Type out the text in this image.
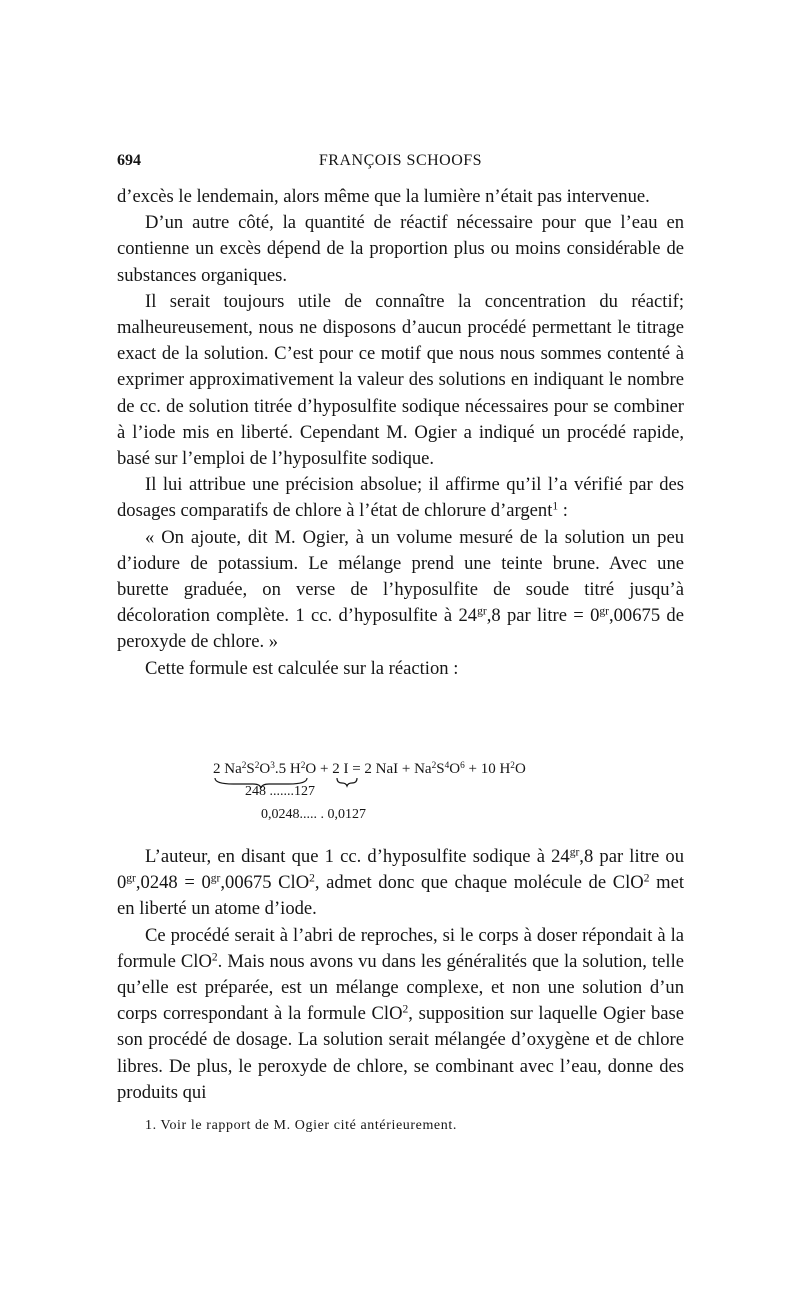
694	FRANÇOIS SCHOOFS

d’excès le lendemain, alors même que la lumière n’était pas intervenue.

D’un autre côté, la quantité de réactif nécessaire pour que l’eau en contienne un excès dépend de la proportion plus ou moins considérable de substances organiques.

Il serait toujours utile de connaître la concentration du réactif; malheureusement, nous ne disposons d’aucun procédé permettant le titrage exact de la solution. C’est pour ce motif que nous nous sommes contenté à exprimer approximativement la valeur des solutions en indiquant le nombre de cc. de solution titrée d’hyposulfite sodique nécessaires pour se combiner à l’iode mis en liberté. Cependant M. Ogier a indiqué un procédé rapide, basé sur l’emploi de l’hyposulfite sodique.

Il lui attribue une précision absolue; il affirme qu’il l’a vérifié par des dosages comparatifs de chlore à l’état de chlorure d’argent$^1$ :

« On ajoute, dit M. Ogier, à un volume mesuré de la solution un peu d’iodure de potassium. Le mélange prend une teinte brune. Avec une burette graduée, on verse de l’hyposulfite de soude titré jusqu’à décoloration complète. 1 cc. d’hyposulfite à $24^{gr},8$ par litre = $0^{gr},00675$ de peroxyde de chlore. »

Cette formule est calculée sur la réaction :

2 $Na^2S^2O^3.5$ $H^2O + 2$ I = 2 NaI + $Na^2S^4O^6 + 10$ $H^2O$
248 .......127
0,0248..... . 0,0127

L’auteur, en disant que 1 cc. d’hyposulfite sodique à $24^{gr},8$ par litre ou $0^{gr},0248 = 0^{gr},00675$ ClO$^2$, admet donc que chaque molécule de ClO$^2$ met en liberté un atome d’iode.

Ce procédé serait à l’abri de reproches, si le corps à doser répondait à la formule ClO$^2$. Mais nous avons vu dans les généralités que la solution, telle qu’elle est préparée, est un mélange complexe, et non une solution d’un corps correspondant à la formule ClO$^2$, supposition sur laquelle Ogier base son procédé de dosage. La solution serait mélangée d’oxygène et de chlore libres. De plus, le peroxyde de chlore, se combinant avec l’eau, donne des produits qui

1. Voir le rapport de M. Ogier cité antérieurement.
